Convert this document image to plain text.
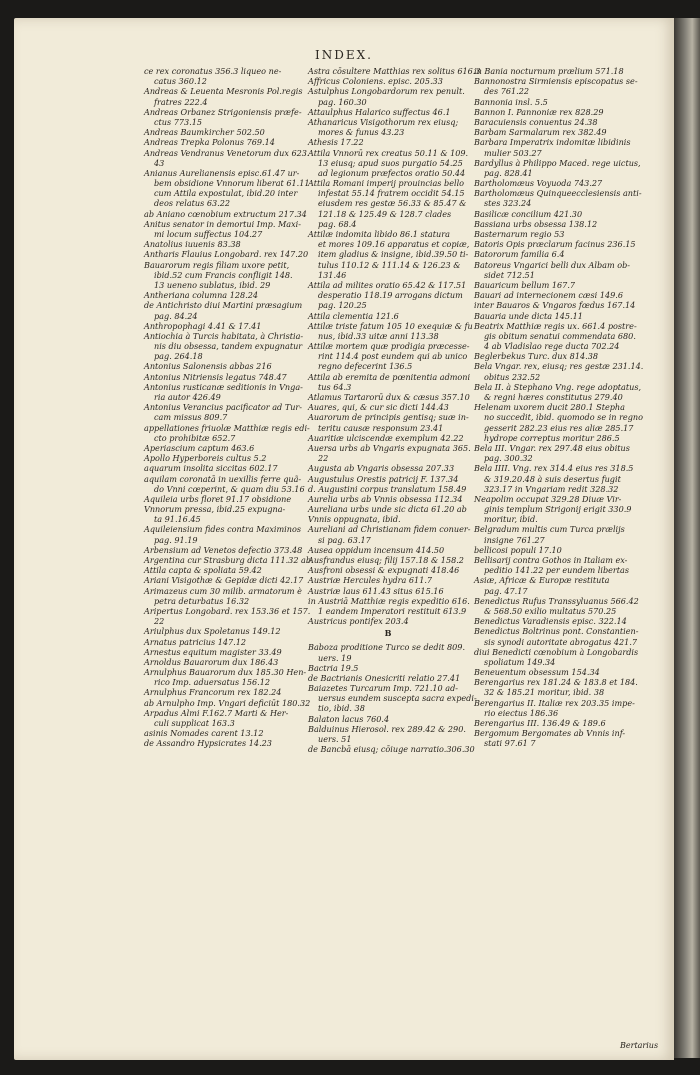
INDEX.
ce rex coronatus 356.3 liqueo ne-
catus 360.12
Andreas & Leuenta Mesronis Pol.regis
fratres 222.4
Andreas Orbanez Strigoniensis præfe-
ctus 773.15
Andreas Baumkircher 502.50
Andreas Trepka Polonus 769.14
Andreas Vendranus Venetorum dux 623.
43
Anianus Aurelianensis episc.61.47 ur-
bem obsidione Vnnorum liberat 61.11
cum Attila expostulat, ibid.20 inter
deos relatus 63.22
ab Aniano cœnobium extructum 217.34
Anitus senator in demortui Imp. Maxi-
mi locum suffectus 104.27
Anatolius iuuenis 83.38
Antharis Flauius Longobard. rex 147.20
Bauarorum regis filiam uxore petit,
ibid.52 cum Francis confligit 148.
13 ueneno sublatus, ibid. 29
Antheriana columna 128.24
de Antichristo diui Martini præsagium
pag. 84.24
Anthropophagi 4.41 & 17.41
Antiochia à Turcis habitata, à Christia-
nis diu obsessa, tandem expugnatur
pag. 264.18
Antonius Salonensis abbas 216
Antonius Nitriensis legatus 748.47
Antonius rusticanæ seditionis in Vnga-
ria autor 426.49
Antonius Verancius pacificator ad Tur-
cam missus 809.7
appellationes friuolæ Matthiæ regis edi-
cto prohibitæ 652.7
Aperiascium captum 463.6
Apollo Hyperboreis cultus 5.2
aquarum insolita siccitas 602.17
aquilam coronatā in uexillis ferre quã-
do Vnni cœperint, & quam diu 53.16
Aquileia urbs floret 91.17 obsidione
Vnnorum pressa, ibid.25 expugna-
ta 91.16.45
Aquileiensium fides contra Maximinos
pag. 91.19
Arbensium ad Venetos defectio 373.48
Argentina cur Strasburg dicta 111.32 ab
Attila capta & spoliata 59.42
Ariani Visigothæ & Gepidæ dicti 42.17
Arimazeus cum 30 milib. armatorum è
petra deturbatus 16.32
Aripertus Longobard. rex 153.36 et 157.
22
Ariulphus dux Spoletanus 149.12
Arnatus patricius 147.12
Arnestus equitum magister 33.49
Arnoldus Bauarorum dux 186.43
Arnulphus Bauarorum dux 185.30 Hen-
rico Imp. aduersatus 156.12
Arnulphus Francorum rex 182.24
ab Arnulpho Imp. Vngari deficiūt 180.32
Arpadus Almi F.162.7 Marti & Her-
culi supplicat 163.3
asinis Nomades carent 13.12
de Assandro Hypsicrates 14.23
Astra cōsultere Matthias rex solitus 616.3
Affricus Coloniens. episc. 205.33
Astulphus Longobardorum rex penult.
pag. 160.30
Attaulphus Halarico suffectus 46.1
Athanaricus Visigothorum rex eiusq;
mores & funus 43.23
Athesis 17.22
Attila Vnnorū rex creatus 50.11 & 109.
13 eiusq; apud suos purgatio 54.25
ad legionum præfectos oratio 50.44
Attila Romani imperij prouincias bello
infestat 55.14 fratrem occidit 54.15
eiusdem res gestæ 56.33 & 85.47 &
121.18 & 125.49 & 128.7 clades
pag. 68.4
Attilæ indomita libido 86.1 statura
et mores 109.16 apparatus et copiæ,
item gladius & insigne, ibid.39.50 ti-
tulus 110.12 & 111.14 & 126.23 &
131.46
Attila ad milites oratio 65.42 & 117.51
desperatio 118.19 arrogans dictum
pag. 120.25
Attila clementia 121.6
Attilæ triste fatum 105 10 exequiæ & fu
nus, ibid.33 uitæ anni 113.38
Attilæ mortem quæ prodigia præcesse-
rint 114.4 post eundem qui ab unico
regno defecerint 136.5
Attila ab eremita de pœnitentia admoni
tus 64.3
Atlamus Tartarorū dux & cæsus 357.10
Auares, qui, & cur sic dicti 144.43
Auarorum de principis gentisq; suæ in-
teritu causæ responsum 23.41
Auaritiæ ulciscendæ exemplum 42.22
Auersa urbs ab Vngaris expugnata 365.
22
Augusta ab Vngaris obsessa 207.33
Augustulus Orestis patricij F. 137.34
d. Augustini corpus translatum 158.49
Aurelia urbs ab Vnnis obsessa 112.34
Aureliana urbs unde sic dicta 61.20 ab
Vnnis oppugnata, ibid.
Aureliani ad Christianam fidem conuer-
si pag. 63.17
Ausea oppidum incensum 414.50
Ausfrandus eiusq; filij 157.18 & 158.2
Ausfroni obsessi & expugnati 418.46
Austriæ Hercules hydra 611.7
Austriæ laus 611.43 situs 615.16
in Austriā Matthiæ regis expeditio 616.
1 eandem Imperatori restituit 613.9
Austricus pontifex 203.4
B
Baboza proditione Turco se dedit 809.
uers. 19
Bactria 19.5
de Bactrianis Onesicriti relatio 27.41
Baiazetes Turcarum Imp. 721.10 ad-
uersus eundem suscepta sacra expedi-
tio, ibid. 38
Balaton lacus 760.4
Balduinus Hierosol. rex 289.42 & 290.
uers. 51
de Bancbā eiusq; cōiuge narratio.306.30
in Bania nocturnum prælium 571.18
Bannonostra Sirmiensis episcopatus se-
des 761.22
Bannonia insl. 5.5
Bannon I. Pannoniæ rex 828.29
Baracuiensis conuentus 24.38
Barbam Sarmalarum rex 382.49
Barbara Imperatrix indomitæ libidinis
mulier 503.27
Bardyllus à Philippo Maced. rege uictus,
pag. 828.41
Bartholomæus Voyuoda 743.27
Bartholomæus Quinqueecclesiensis anti-
stes 323.24
Basilicæ concilium 421.30
Bassiana urbs obsessa 138.12
Basternarum regio 53
Batoris Opis præclarum facinus 236.15
Batororum familia 6.4
Batoreus Vngarici belli dux Albam ob-
sidet 712.51
Bauaricum bellum 167.7
Bauari ad internecionem cæsi 149.6
inter Bauaros & Vngaros fœdus 167.14
Bauaria unde dicta 145.11
Beatrix Matthiæ regis ux. 661.4 postre-
gis obitum senatui commendata 680.
4 ab Vladislao rege ducta 702.24
Beglerbekus Turc. dux 814.38
Bela Vngar. rex, eiusq; res gestæ 231.14.
obitus 232.52
Bela II. à Stephano Vng. rege adoptatus,
& regni hæres constitutus 279.40
Helenam uxorem ducit 280.1 Stepha
no succedit, ibid. quomodo se in regno
gesserit 282.23 eius res aliæ 285.17
hydrope correptus moritur 286.5
Bela III. Vngar. rex 297.48 eius obitus
pag. 300.32
Bela IIII. Vng. rex 314.4 eius res 318.5
& 319.20.48 à suis desertus fugit
323.17 in Vngariam redit 328.32
Neapolim occupat 329.28 Diuæ Vir-
ginis templum Strigonij erigit 330.9
moritur, ibid.
Belgradum multis cum Turca prælijs
insigne 761.27
bellicosi populi 17.10
Bellisarij contra Gothos in Italiam ex-
peditio 141.22 per eundem libertas
Asiæ, Africæ & Europæ restituta
pag. 47.17
Benedictus Rufus Transsyluanus 566.42
& 568.50 exilio multatus 570.25
Benedictus Varadiensis episc. 322.14
Benedictus Boltrinus pont. Constantien-
sis synodi autoritate abrogatus 421.7
diui Benedicti cœnobium à Longobardis
spoliatum 149.34
Beneuentum obsessum 154.34
Berengarius rex 181.24 & 183.8 et 184.
32 & 185.21 moritur, ibid. 38
Berengarius II. Italiæ rex 203.35 impe-
rio eiectus 186.36
Berengarius III. 136.49 & 189.6
Bergomum Bergomates ab Vnnis inf-
stati 97.61 7
Bertarius
